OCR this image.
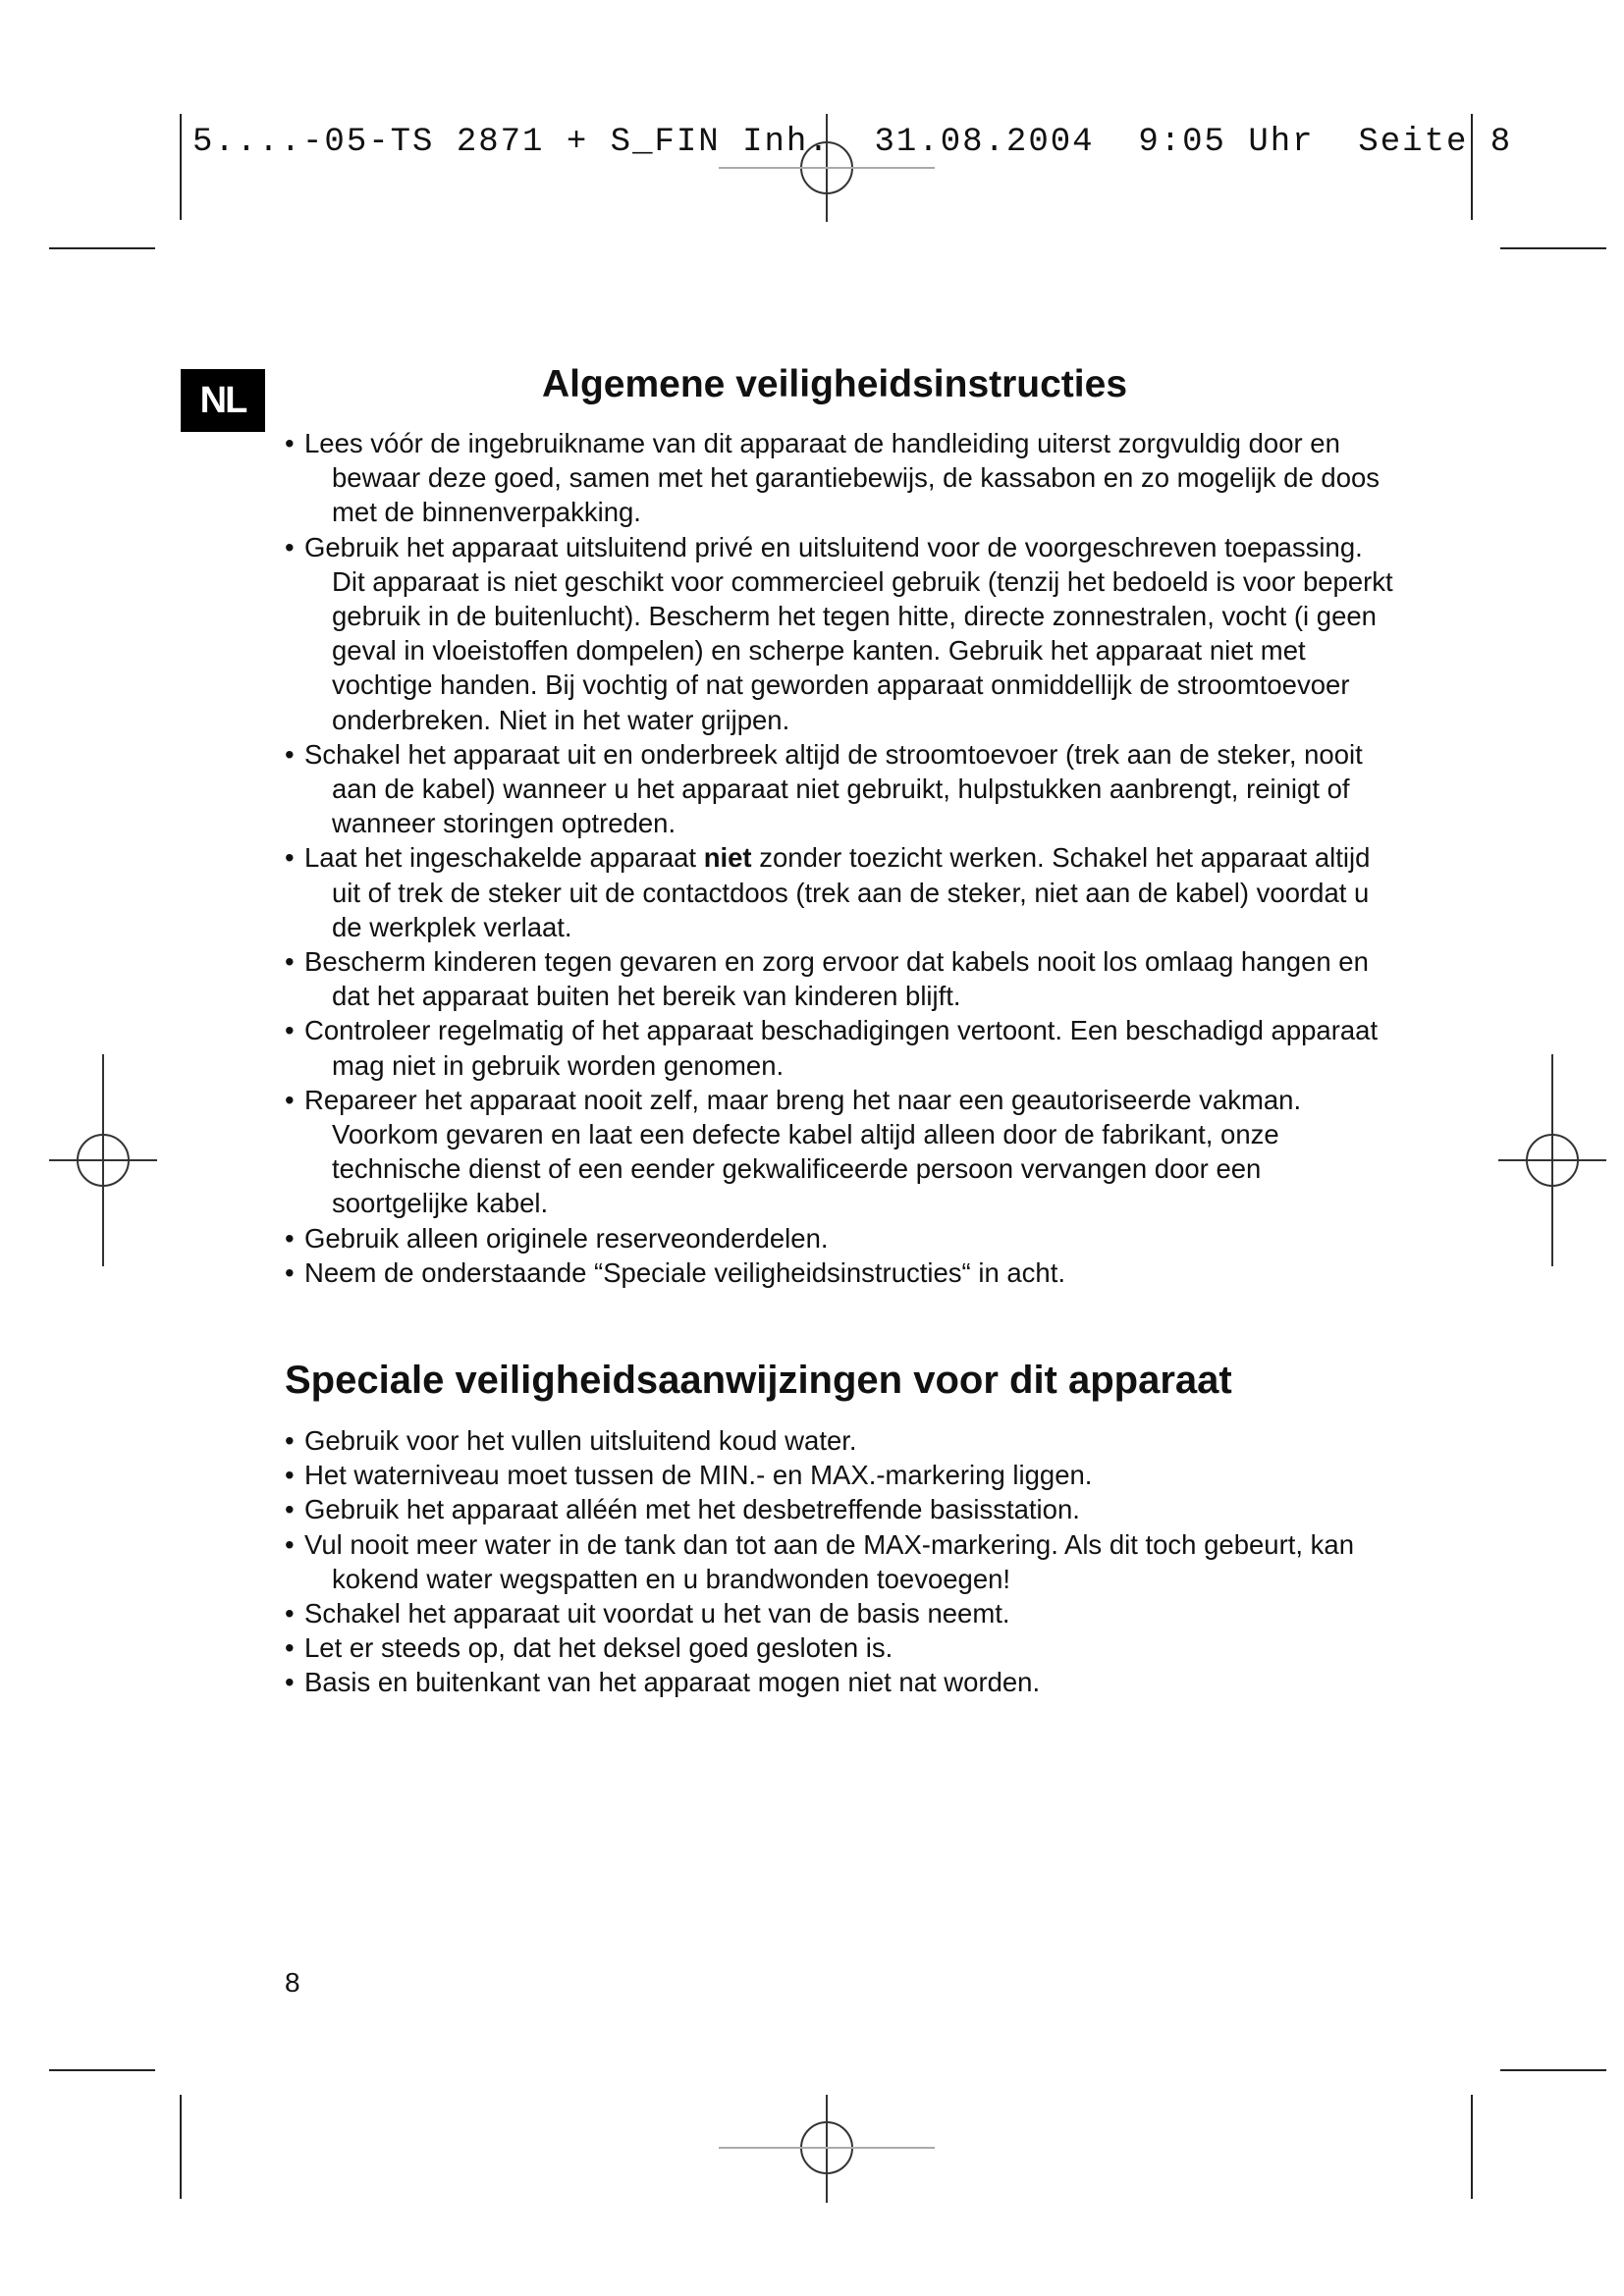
5....-05-TS 2871 + S_FIN Inh.  31.08.2004  9:05 Uhr  Seite 8
NL	Algemene veiligheidsinstructies
• Lees vóór de ingebruikname van dit apparaat de handleiding uiterst zorgvuldig door en bewaar deze goed, samen met het garantiebewijs, de kassabon en zo mogelijk de doos met de binnenverpakking.
• Gebruik het apparaat uitsluitend privé en uitsluitend voor de voorgeschreven toepassing. Dit apparaat is niet geschikt voor commercieel gebruik (tenzij het bedoeld is voor beperkt gebruik in de buitenlucht). Bescherm het tegen hitte, directe zonnestralen, vocht (i geen geval in vloeistoffen dompelen) en scherpe kanten. Gebruik het apparaat niet met vochtige handen. Bij vochtig of nat geworden apparaat onmiddellijk de stroomtoevoer onderbreken. Niet in het water grijpen.
• Schakel het apparaat uit en onderbreek altijd de stroomtoevoer (trek aan de steker, nooit aan de kabel) wanneer u het apparaat niet gebruikt, hulpstukken aanbrengt, reinigt of wanneer storingen optreden.
• Laat het ingeschakelde apparaat niet zonder toezicht werken. Schakel het apparaat altijd uit of trek de steker uit de contactdoos (trek aan de steker, niet aan de kabel) voordat u de werkplek verlaat.
• Bescherm kinderen tegen gevaren en zorg ervoor dat kabels nooit los omlaag hangen en dat het apparaat buiten het bereik van kinderen blijft.
• Controleer regelmatig of het apparaat beschadigingen vertoont. Een beschadigd apparaat mag niet in gebruik worden genomen.
• Repareer het apparaat nooit zelf, maar breng het naar een geautoriseerde vakman. Voorkom gevaren en laat een defecte kabel altijd alleen door de fabrikant, onze technische dienst of een eender gekwalificeerde persoon vervangen door een soortgelijke kabel.
• Gebruik alleen originele reserveonderdelen.
• Neem de onderstaande “Speciale veiligheidsinstructies“ in acht.
Speciale veiligheidsaanwijzingen voor dit apparaat
• Gebruik voor het vullen uitsluitend koud water.
• Het waterniveau moet tussen de MIN.- en MAX.-markering liggen.
• Gebruik het apparaat alléén met het desbetreffende basisstation.
• Vul nooit meer water in de tank dan tot aan de MAX-markering. Als dit toch gebeurt, kan kokend water wegspatten en u brandwonden toevoegen!
• Schakel het apparaat uit voordat u het van de basis neemt.
• Let er steeds op, dat het deksel goed gesloten is.
• Basis en buitenkant van het apparaat mogen niet nat worden.
8
